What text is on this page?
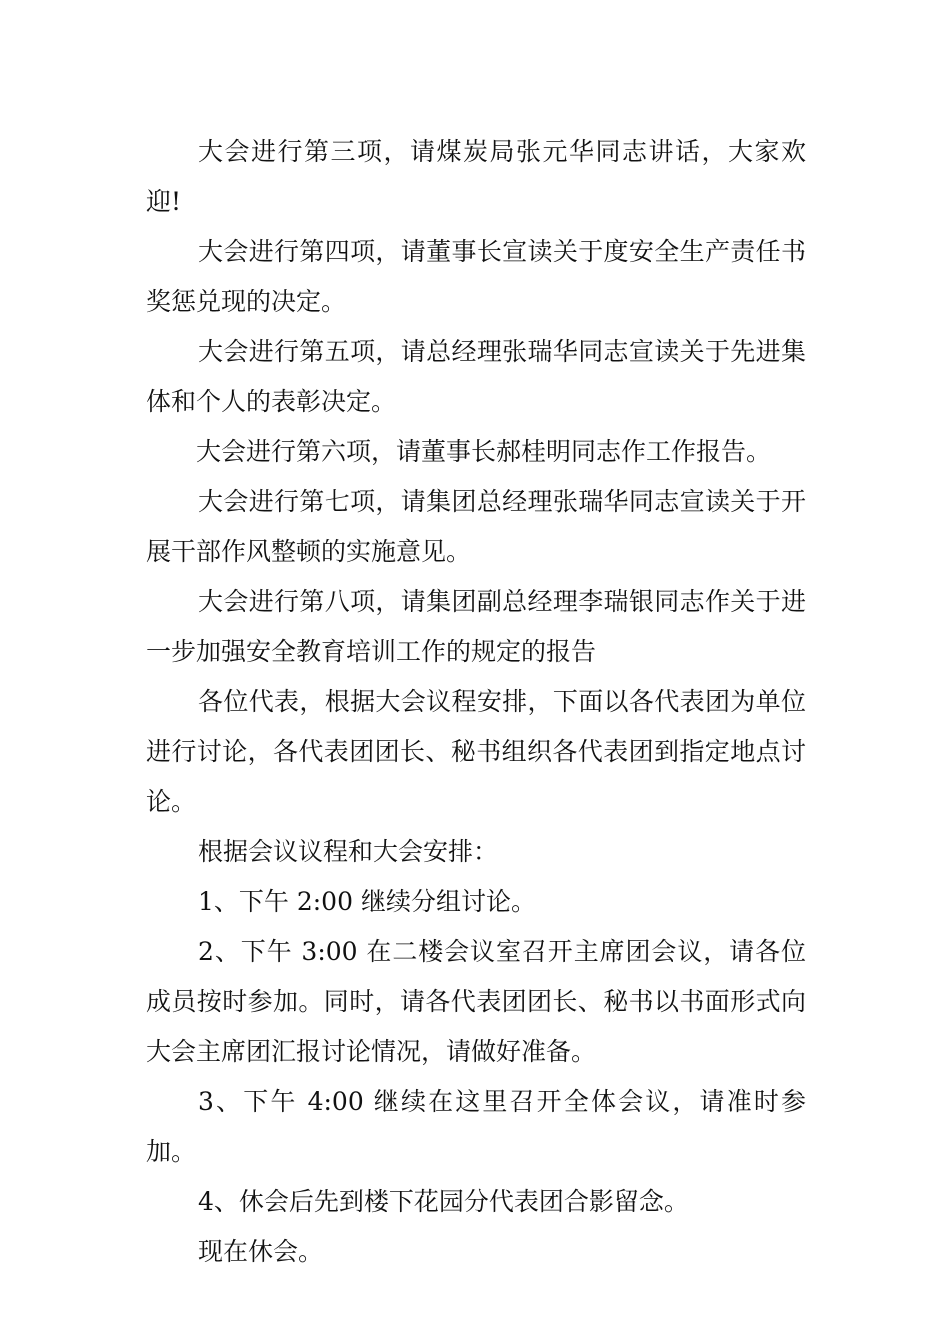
大会进行第三项，请煤炭局张元华同志讲话，大家欢迎!

大会进行第四项，请董事长宣读关于度安全生产责任书奖惩兑现的决定。

大会进行第五项，请总经理张瑞华同志宣读关于先进集体和个人的表彰决定。

大会进行第六项，请董事长郝桂明同志作工作报告。

大会进行第七项，请集团总经理张瑞华同志宣读关于开展干部作风整顿的实施意见。

大会进行第八项，请集团副总经理李瑞银同志作关于进一步加强安全教育培训工作的规定的报告

各位代表，根据大会议程安排，下面以各代表团为单位进行讨论，各代表团团长、秘书组织各代表团到指定地点讨论。

根据会议议程和大会安排：

1、下午 2:00 继续分组讨论。

2、下午 3:00 在二楼会议室召开主席团会议，请各位成员按时参加。同时，请各代表团团长、秘书以书面形式向大会主席团汇报讨论情况，请做好准备。

3、下午 4:00 继续在这里召开全体会议，请准时参加。

4、休会后先到楼下花园分代表团合影留念。

现在休会。
